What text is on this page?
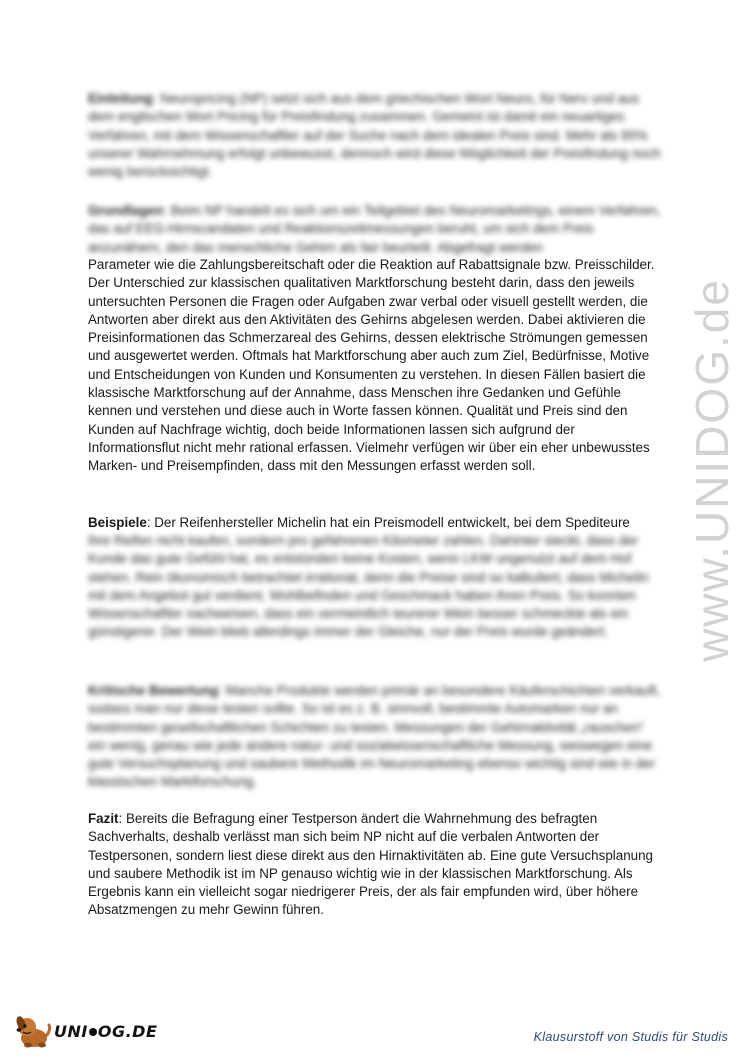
www.UNIDOG.de

Einleitung: Neuropricing (NP) setzt sich aus dem griechischen Wort Neuro, für Nerv und aus dem englischen Wort Pricing für Preisfindung zusammen. Gemeint ist damit ein neuartiges Verfahren, mit dem Wissenschaftler auf der Suche nach dem idealen Preis sind. Mehr als 95% unserer Wahrnehmung erfolgt unbewusst, dennoch wird diese Möglichkeit der Preisfindung noch wenig berücksichtigt.

Grundlagen: Beim NP handelt es sich um ein Teilgebiet des Neuromarketings, einem Verfahren, das auf EEG-Hirnscandaten und Reaktionszeitmessungen beruht, um sich dem Preis anzunähern, den das menschliche Gehirn als fair beurteilt. Abgefragt werden

Parameter wie die Zahlungsbereitschaft oder die Reaktion auf Rabattsignale bzw. Preisschilder. Der Unterschied zur klassischen qualitativen Marktforschung besteht darin, dass den jeweils untersuchten Personen die Fragen oder Aufgaben zwar verbal oder visuell gestellt werden, die Antworten aber direkt aus den Aktivitäten des Gehirns abgelesen werden. Dabei aktivieren die Preisinformationen das Schmerzareal des Gehirns, dessen elektrische Strömungen gemessen und ausgewertet werden. Oftmals hat Marktforschung aber auch zum Ziel, Bedürfnisse, Motive und Entscheidungen von Kunden und Konsumenten zu verstehen. In diesen Fällen basiert die klassische Marktforschung auf der Annahme, dass Menschen ihre Gedanken und Gefühle kennen und verstehen und diese auch in Worte fassen können. Qualität und Preis sind den Kunden auf Nachfrage wichtig, doch beide Informationen lassen sich aufgrund der Informationsflut nicht mehr rational erfassen. Vielmehr verfügen wir über ein eher unbewusstes Marken- und Preisempfinden, dass mit den Messungen erfasst werden soll.

Beispiele: Der Reifenhersteller Michelin hat ein Preismodell entwickelt, bei dem Spediteure

ihre Reifen nicht kaufen, sondern pro gefahrenen Kilometer zahlen. Dahinter steckt, dass der Kunde das gute Gefühl hat, es entstünden keine Kosten, wenn LKW ungenutzt auf dem Hof stehen. Rein ökonomisch betrachtet irrational, denn die Preise sind so kalkuliert, dass Michelin mit dem Angebot gut verdient. Wohlbefinden und Geschmack haben ihren Preis. So konnten Wissenschaftler nachweisen, dass ein vermeintlich teurerer Wein besser schmeckte als ein günstigerer. Der Wein blieb allerdings immer der Gleiche, nur der Preis wurde geändert.

Kritische Bewertung: Manche Produkte werden primär an besondere Käuferschichten verkauft, sodass man nur diese testen sollte. So ist es z. B. sinnvoll, bestimmte Automarken nur an bestimmten gesellschaftlichen Schichten zu testen. Messungen der Gehirnaktivität „rauschen“ ein wenig, genau wie jede andere natur- und sozialwissenschaftliche Messung, weswegen eine gute Versuchsplanung und saubere Methodik im Neuromarketing ebenso wichtig sind wie in der klassischen Marktforschung.

Fazit: Bereits die Befragung einer Testperson ändert die Wahrnehmung des befragten Sachverhalts, deshalb verlässt man sich beim NP nicht auf die verbalen Antworten der Testpersonen, sondern liest diese direkt aus den Hirnaktivitäten ab. Eine gute Versuchsplanung und saubere Methodik ist im NP genauso wichtig wie in der klassischen Marktforschung. Als Ergebnis kann ein vielleicht sogar niedrigerer Preis, der als fair empfunden wird, über höhere Absatzmengen zu mehr Gewinn führen.

UNI OG.DE	Klausurstoff von Studis für Studis
